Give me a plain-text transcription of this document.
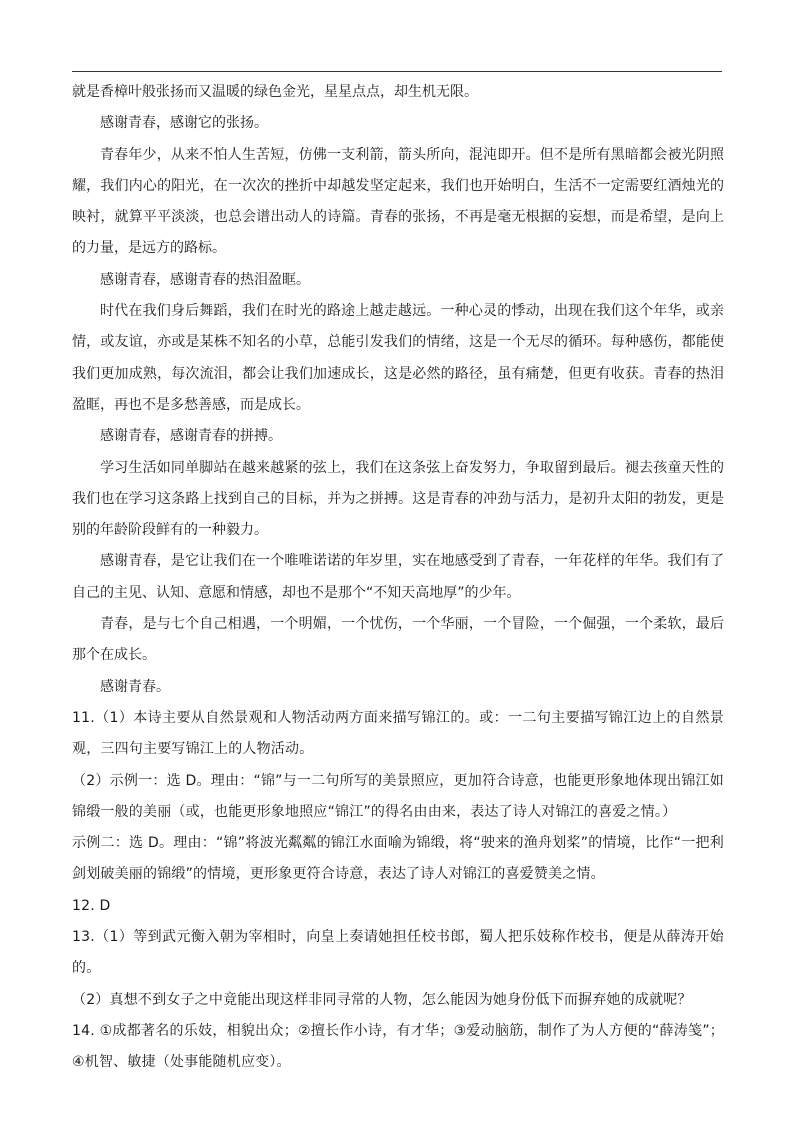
就是香樟叶般张扬而又温暖的绿色金光，星星点点，却生机无限。

感谢青春，感谢它的张扬。

青春年少，从来不怕人生苦短，仿佛一支利箭，箭头所向，混沌即开。但不是所有黑暗都会被光阴照耀，我们内心的阳光，在一次次的挫折中却越发坚定起来，我们也开始明白，生活不一定需要红酒烛光的映衬，就算平平淡淡，也总会谱出动人的诗篇。青春的张扬，不再是毫无根据的妄想，而是希望，是向上的力量，是远方的路标。

感谢青春，感谢青春的热泪盈眶。

时代在我们身后舞蹈，我们在时光的路途上越走越远。一种心灵的悸动，出现在我们这个年华，或亲情，或友谊，亦或是某株不知名的小草，总能引发我们的情绪，这是一个无尽的循环。每种感伤，都能使我们更加成熟，每次流泪，都会让我们加速成长，这是必然的路径，虽有痛楚，但更有收获。青春的热泪盈眶，再也不是多愁善感，而是成长。

感谢青春，感谢青春的拼搏。

学习生活如同单脚站在越来越紧的弦上，我们在这条弦上奋发努力，争取留到最后。褪去孩童天性的我们也在学习这条路上找到自己的目标，并为之拼搏。这是青春的冲劲与活力，是初升太阳的勃发，更是别的年龄阶段鲜有的一种毅力。

感谢青春，是它让我们在一个唯唯诺诺的年岁里，实在地感受到了青春，一年花样的年华。我们有了自己的主见、认知、意愿和情感，却也不是那个“不知天高地厚”的少年。

青春，是与七个自己相遇，一个明媚，一个忧伤，一个华丽，一个冒险，一个倔强，一个柔软，最后那个在成长。

感谢青春。

11.（1）本诗主要从自然景观和人物活动两方面来描写锦江的。或：一二句主要描写锦江边上的自然景观，三四句主要写锦江上的人物活动。

（2）示例一：选 D。理由：“锦”与一二句所写的美景照应，更加符合诗意，也能更形象地体现出锦江如锦缎一般的美丽（或，也能更形象地照应“锦江”的得名由由来，表达了诗人对锦江的喜爱之情。）

示例二：选 D。理由：“锦”将波光粼粼的锦江水面喻为锦缎，将“驶来的渔舟划桨”的情境，比作“一把利剑划破美丽的锦缎”的情境，更形象更符合诗意，表达了诗人对锦江的喜爱赞美之情。

12. D

13.（1）等到武元衡入朝为宰相时，向皇上奏请她担任校书郎，蜀人把乐妓称作校书，便是从薛涛开始的。

（2）真想不到女子之中竟能出现这样非同寻常的人物，怎么能因为她身份低下而摒弃她的成就呢？

14. ①成都著名的乐妓，相貌出众；②擅长作小诗，有才华；③爱动脑筋，制作了为人方便的“薛涛笺”；④机智、敏捷（处事能随机应变）。
